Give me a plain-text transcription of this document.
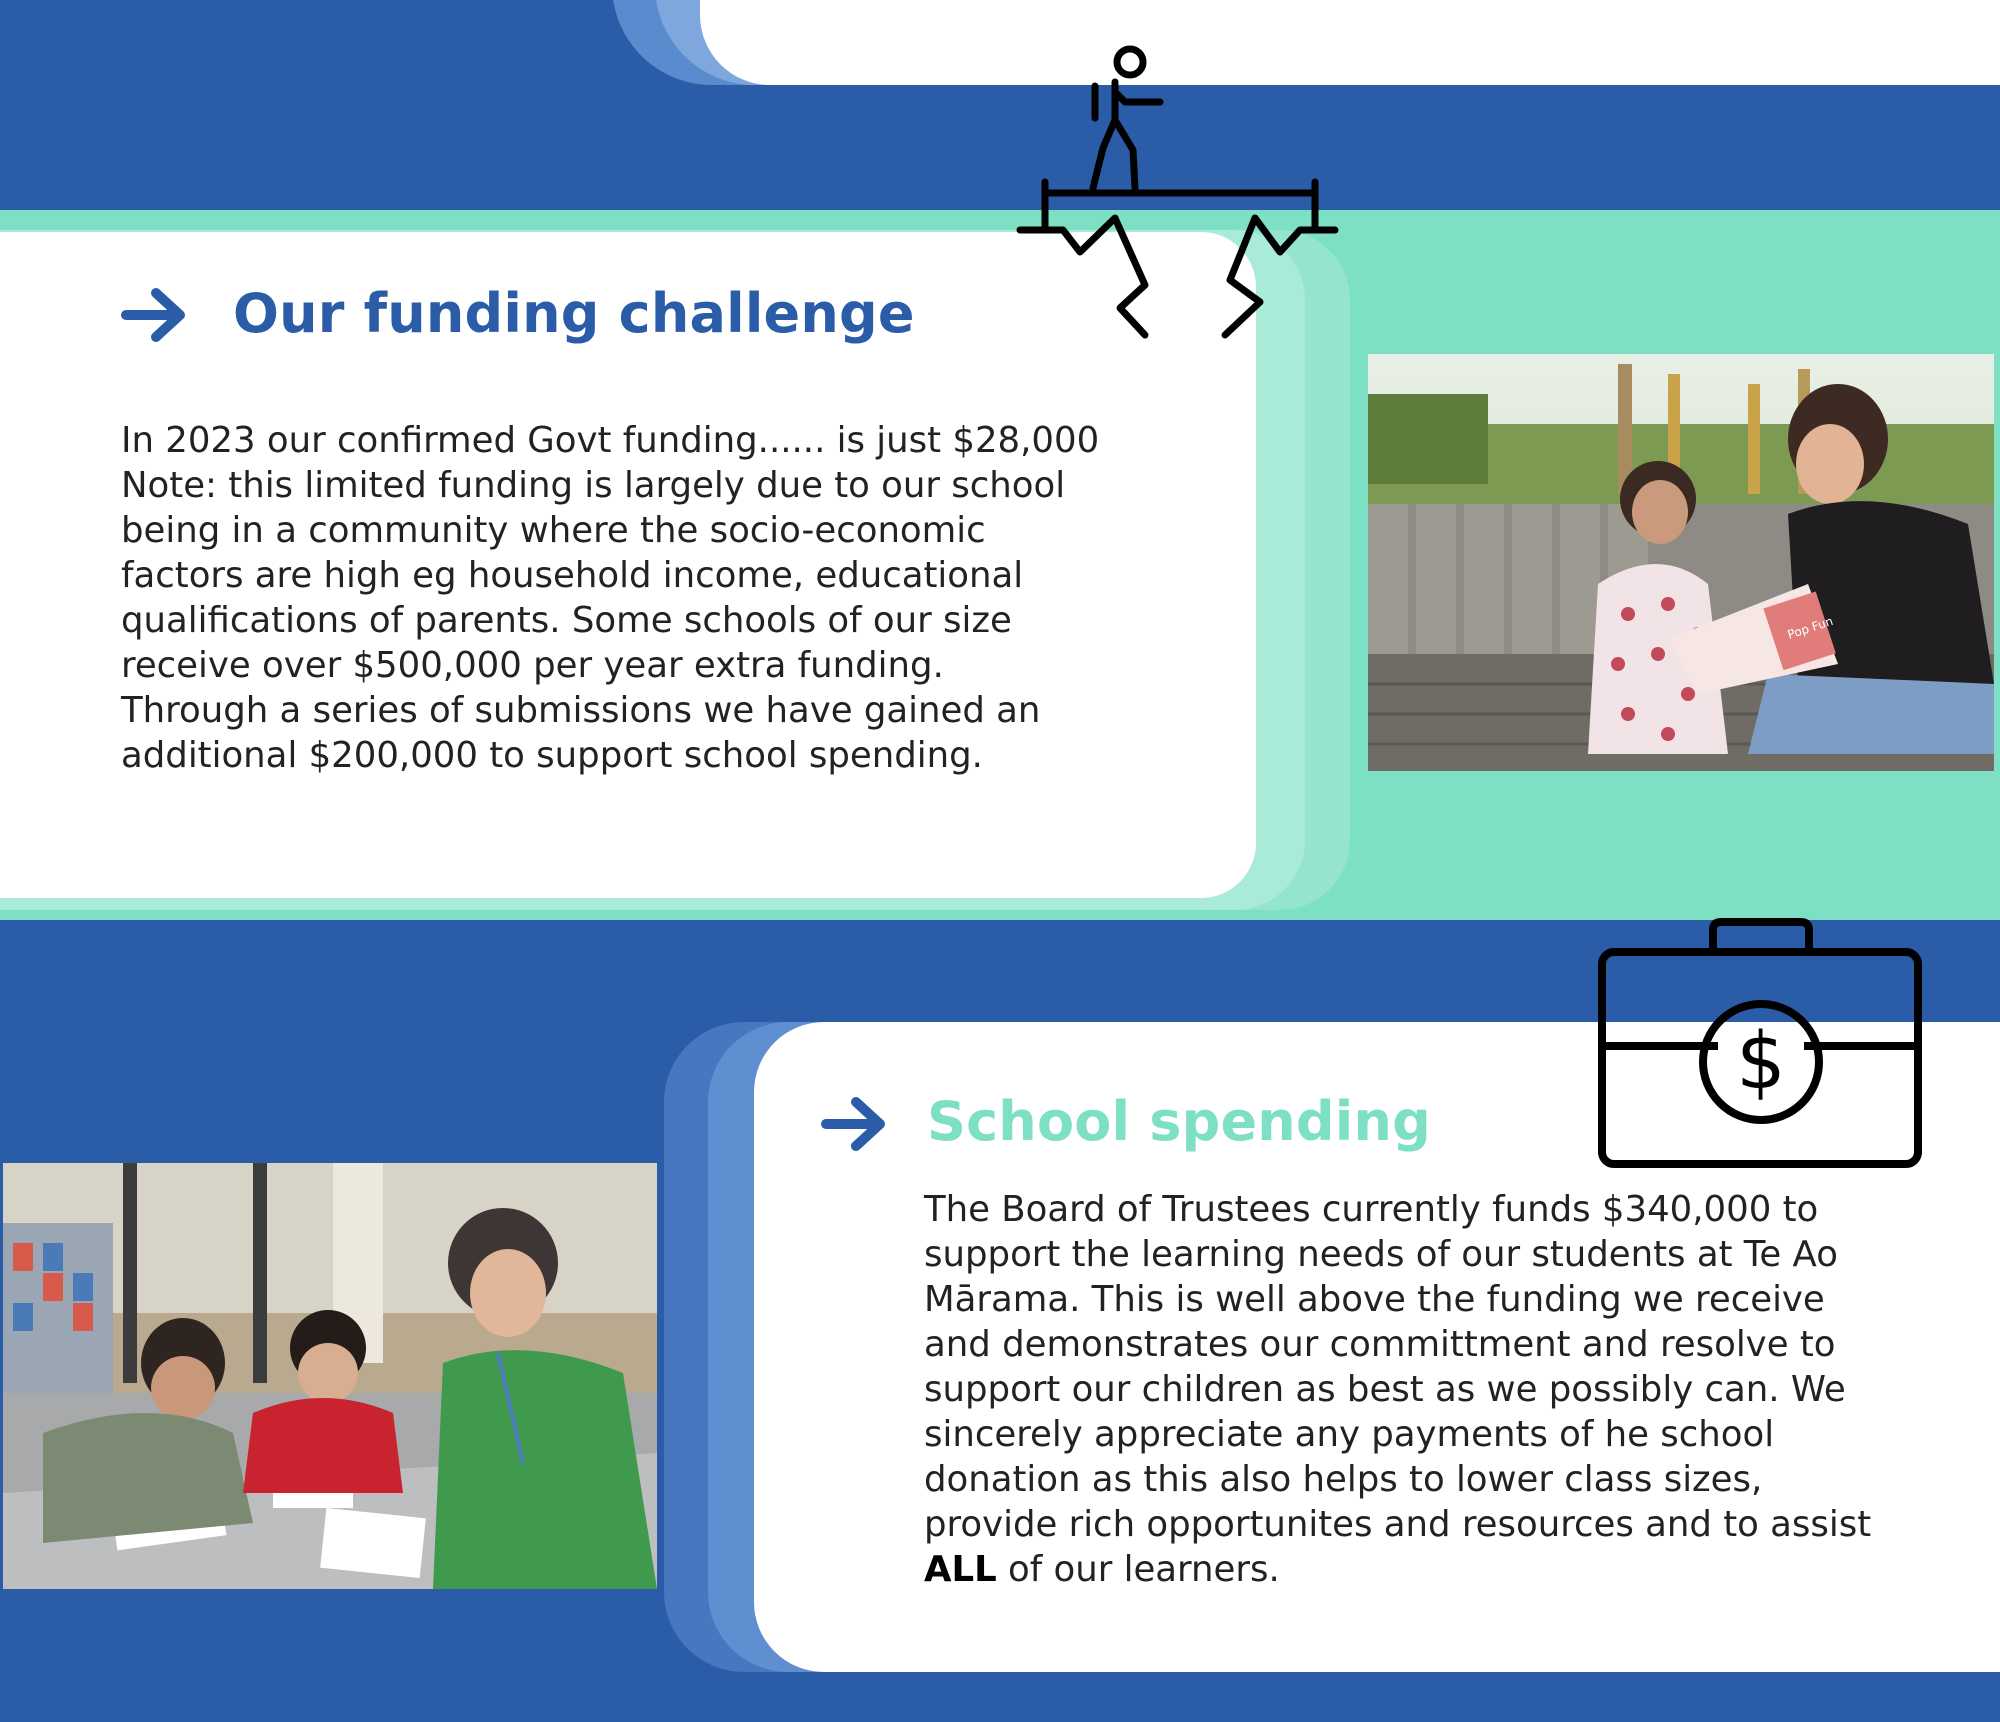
$
Our funding challenge
In 2023 our confirmed Govt funding...... is just $28,000
Note: this limited funding is largely due to our school
being in a community where the socio-economic
factors are high eg household income, educational
qualifications of parents. Some schools of our size
receive over $500,000 per year extra funding.
Through a series of submissions we have gained an
additional $200,000 to support school spending.
Pop Fun
School spending
The Board of Trustees currently funds $340,000 to
support the learning needs of our students at Te Ao
Mārama. This is well above the funding we receive
and demonstrates our committment and resolve to
support our children as best as we possibly can. We
sincerely appreciate any payments of he school
donation as this also helps to lower class sizes,
provide rich opportunites and resources and to assist
ALL of our learners.
